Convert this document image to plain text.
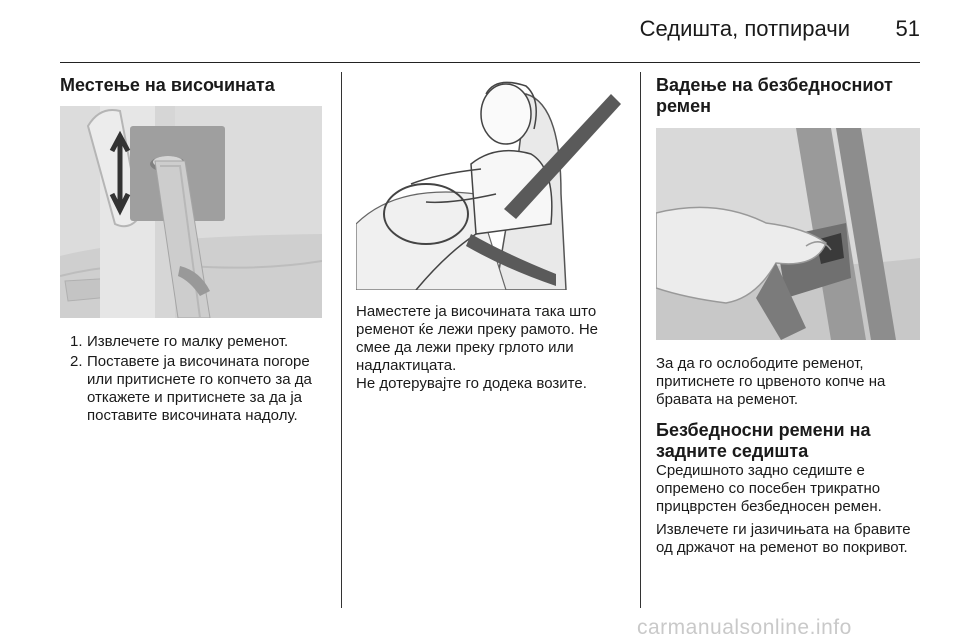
Седишта, потпирачи	51
Местење на височината
1. Извлечете го малку ременот.
2. Поставете ја височината погоре или притиснете го копчето за да откажете и притиснете за да ја поставите височината надолу.
Наместете ја височината така што ременот ќе лежи преку рамото. Не смее да лежи преку грлото или надлактицата.
Не дотерувајте го додека возите.
Вадење на безбедносниот ремен
За да го ослободите ременот, притиснете го црвеното копче на бравата на ременот.
Безбедносни ремени на задните седишта
Средишното задно седиште е опремено со посебен трикратно прицврстен безбедносен ремен.
Извлечете ги јазичињата на бравите од држачот на ременот во покривот.
carmanualsonline.info
